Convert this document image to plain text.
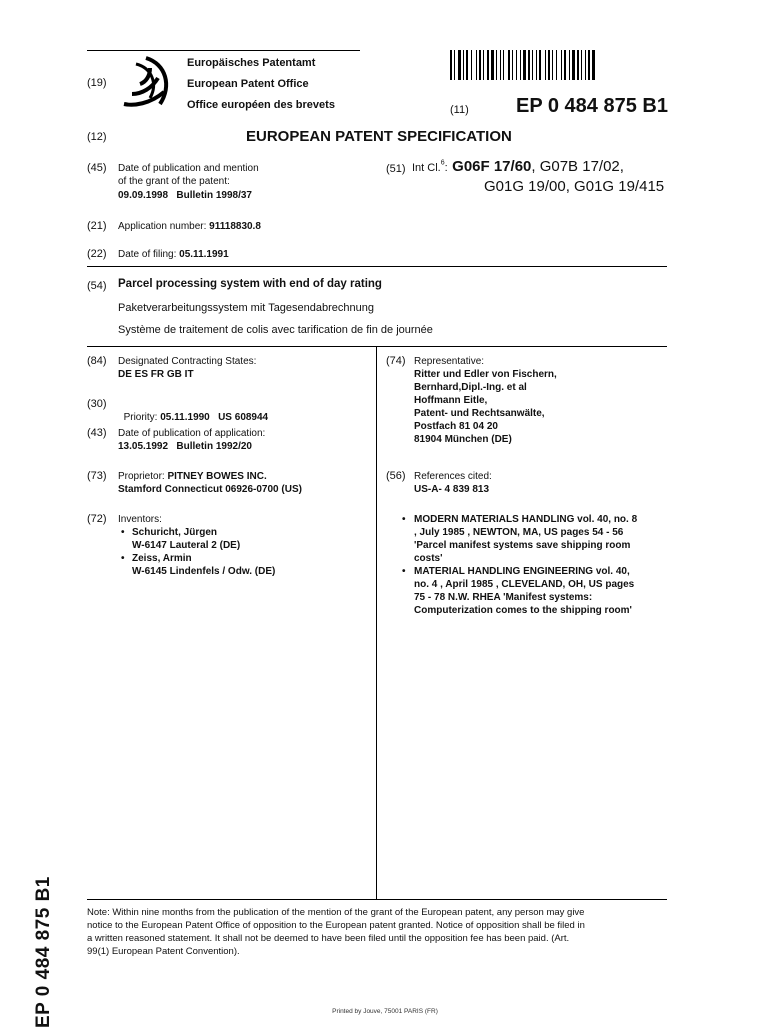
(19)
Europäisches Patentamt
European Patent Office
Office européen des brevets	(11) EP 0 484 875 B1
(12)	EUROPEAN PATENT SPECIFICATION
(45) Date of publication and mention
of the grant of the patent:
09.09.1998   Bulletin 1998/37
(51) Int Cl.$^6$: G06F 17/60, G07B 17/02,
G01G 19/00, G01G 19/415
(21) Application number: 91118830.8
(22) Date of filing: 05.11.1991
(54) Parcel processing system with end of day rating
Paketverarbeitungssystem mit Tagesendabrechnung
Système de traitement de colis avec tarification de fin de journée
(84) Designated Contracting States:
DE ES FR GB IT
(30)

Priority: 05.11.1990   US 608944

(43) Date of publication of application:
13.05.1992   Bulletin 1992/20
(73) Proprietor: PITNEY BOWES INC.
Stamford Connecticut 06926-0700 (US)
(72) Inventors:
• Schuricht, Jürgen
W-6147 Lauteral 2 (DE)
• Zeiss, Armin
W-6145 Lindenfels / Odw. (DE)
(74) Representative:
Ritter und Edler von Fischern,
Bernhard,Dipl.-Ing. et al
Hoffmann Eitle,
Patent- und Rechtsanwälte,
Postfach 81 04 20
81904 München (DE)
(56) References cited:
US-A- 4 839 813
• MODERN MATERIALS HANDLING vol. 40, no. 8
, July 1985 , NEWTON, MA, US pages 54 - 56
'Parcel manifest systems save shipping room
costs'
• MATERIAL HANDLING ENGINEERING vol. 40,
no. 4 , April 1985 , CLEVELAND, OH, US pages
75 - 78 N.W. RHEA 'Manifest systems:
Computerization comes to the shipping room'
EP 0 484 875 B1	Note: Within nine months from the publication of the mention of the grant of the European patent, any person may give
notice to the European Patent Office of opposition to the European patent granted. Notice of opposition shall be filed in
a written reasoned statement. It shall not be deemed to have been filed until the opposition fee has been paid. (Art.
99(1) European Patent Convention).
Printed by Jouve, 75001 PARIS (FR)
